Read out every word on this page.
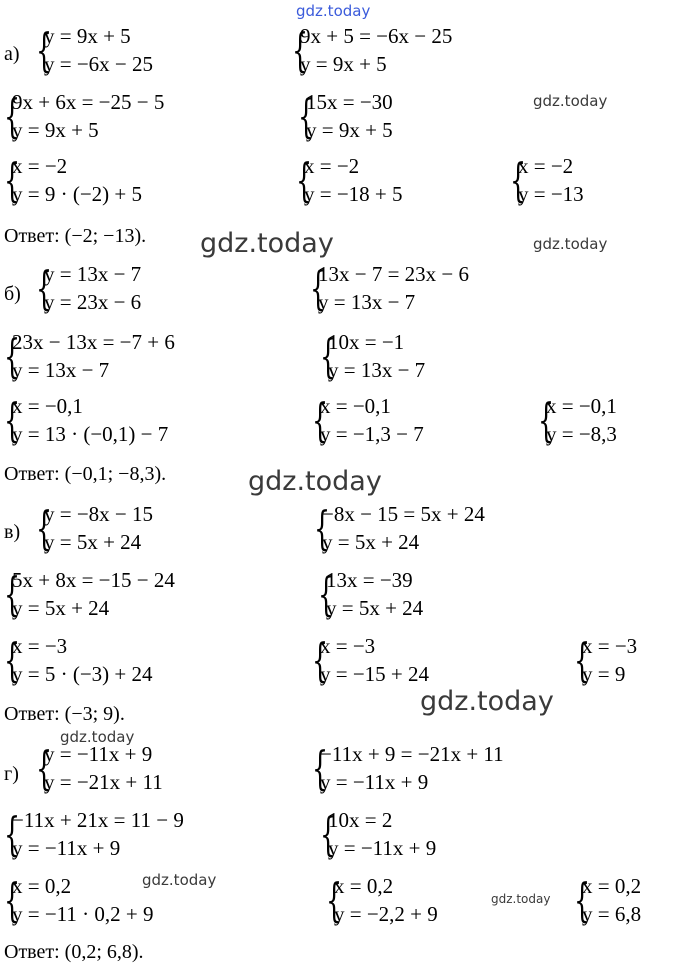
gdz.today
gdz.today
gdz.today	gdz.today
gdz.today
gdz.today
gdz.today
gdz.today
gdz.today
а) {
y = 9x + 5
y = −6x − 25	{
9x + 5 = −6x − 25
y = 9x + 5
{
9x + 6x = −25 − 5
y = 9x + 5	{
15x = −30
y = 9x + 5
{
x = −2
y = 9 · (−2) + 5	{
x = −2
y = −18 + 5 {
x = −2
y = −13
Ответ: (−2; −13).
б) {
y = 13x − 7
y = 23x − 6	{
13x − 7 = 23x − 6
y = 13x − 7
{
23x − 13x = −7 + 6
y = 13x − 7	{
10x = −1
y = 13x − 7
{
x = −0,1
y = 13 · (−0,1) − 7	{
x = −0,1
y = −1,3 − 7 {
x = −0,1
y = −8,3
Ответ: (−0,1; −8,3).
в) {
y = −8x − 15
y = 5x + 24	{
−8x − 15 = 5x + 24
y = 5x + 24
{
5x + 8x = −15 − 24
y = 5x + 24	{
13x = −39
y = 5x + 24
{
x = −3
y = 5 · (−3) + 24	{
x = −3
y = −15 + 24	{
x = −3
y = 9
Ответ: (−3; 9).
г) {
y = −11x + 9
y = −21x + 11	{
−11x + 9 = −21x + 11
y = −11x + 9
{
−11x + 21x = 11 − 9
y = −11x + 9	{
10x = 2
y = −11x + 9
{
x = 0,2
y = −11 · 0,2 + 9	{
x = 0,2
y = −2,2 + 9	{
x = 0,2
y = 6,8
Ответ: (0,2; 6,8).
